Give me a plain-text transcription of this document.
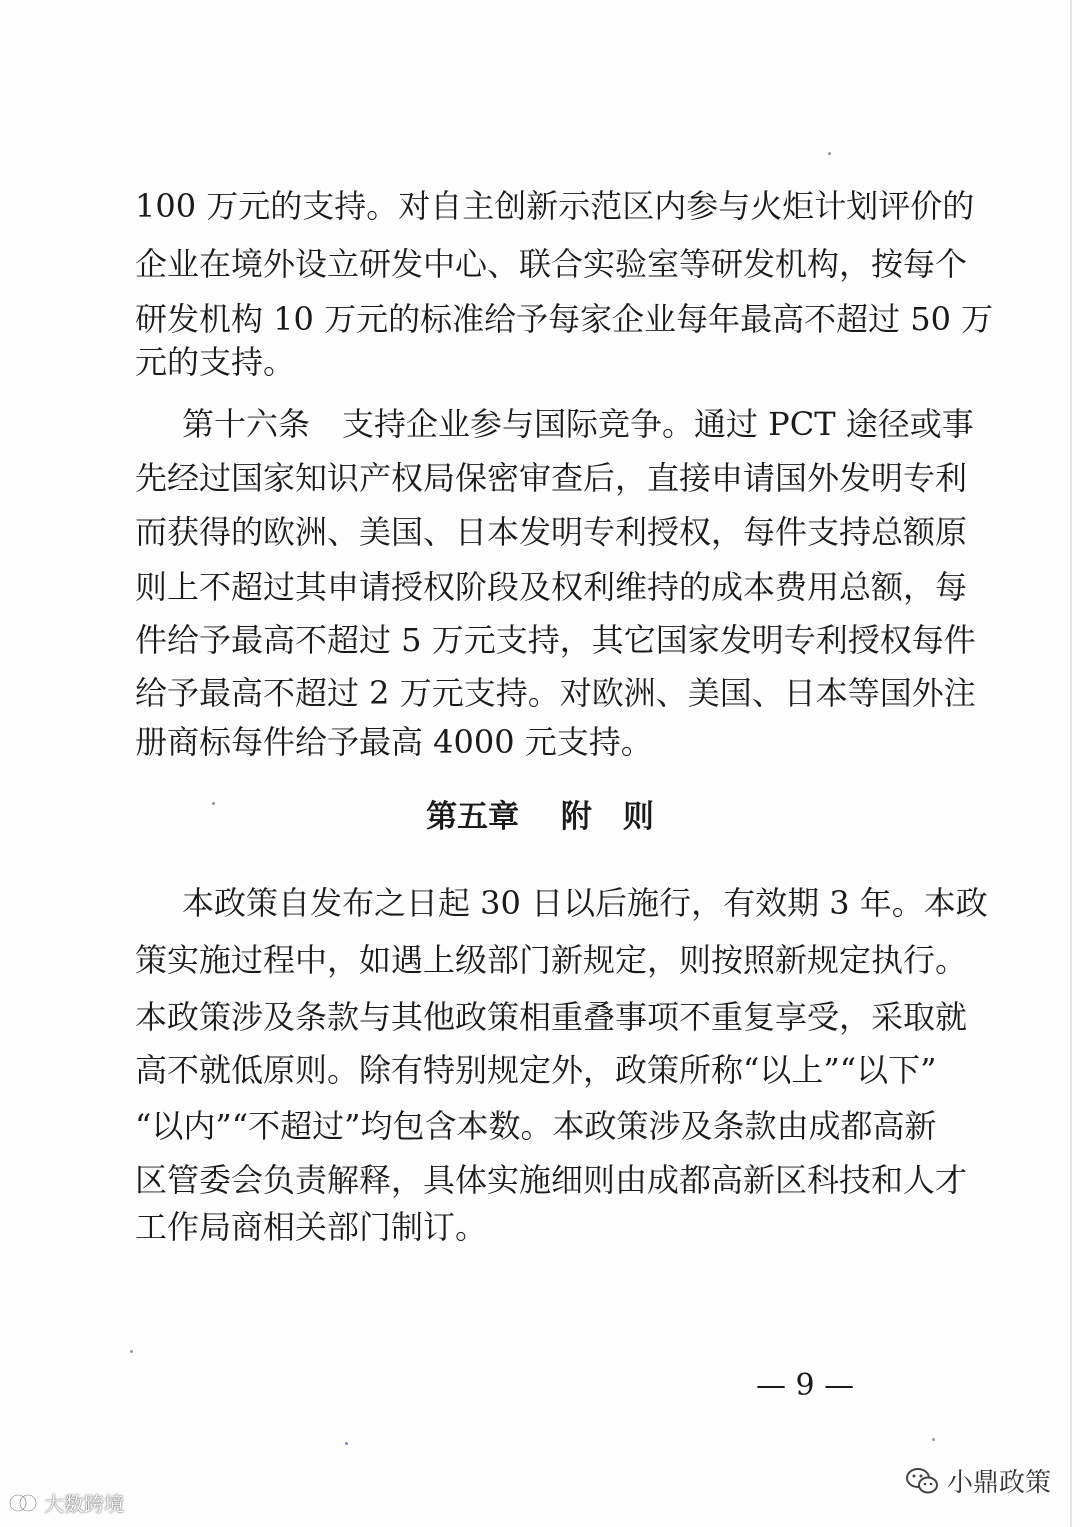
100 万元的支持。对自主创新示范区内参与火炬计划评价的
企业在境外设立研发中心、联合实验室等研发机构，按每个
研发机构 10 万元的标准给予每家企业每年最高不超过 50 万
元的支持。
第十六条　支持企业参与国际竞争。通过 PCT 途径或事
先经过国家知识产权局保密审查后，直接申请国外发明专利
而获得的欧洲、美国、日本发明专利授权，每件支持总额原
则上不超过其申请授权阶段及权利维持的成本费用总额，每
件给予最高不超过 5 万元支持，其它国家发明专利授权每件
给予最高不超过 2 万元支持。对欧洲、美国、日本等国外注
册商标每件给予最高 4000 元支持。
第五章　 附　则
本政策自发布之日起 30 日以后施行，有效期 3 年。本政
策实施过程中，如遇上级部门新规定，则按照新规定执行。
本政策涉及条款与其他政策相重叠事项不重复享受，采取就
高不就低原则。除有特别规定外，政策所称“以上”“以下”
“以内”“不超过”均包含本数。本政策涉及条款由成都高新
区管委会负责解释，具体实施细则由成都高新区科技和人才
工作局商相关部门制订。
— 9 —
大数跨境
小鼎政策
